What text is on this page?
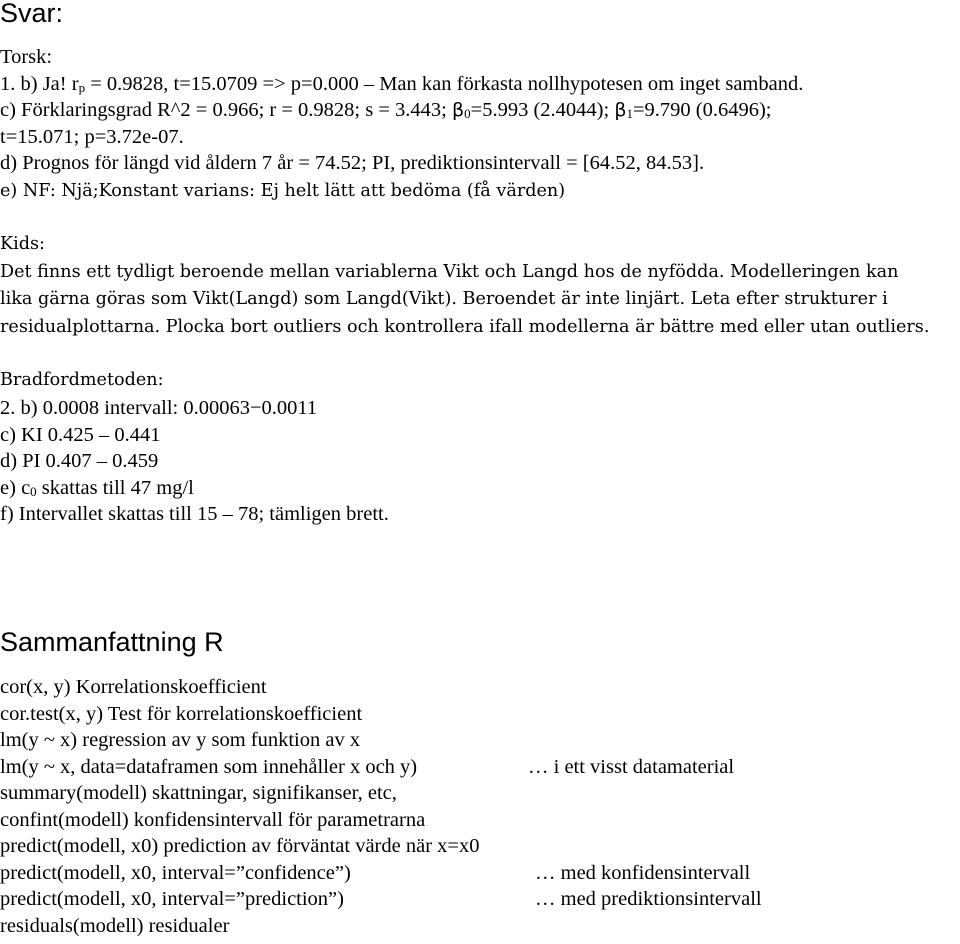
Svar:
Torsk:
1. b) Ja! rp = 0.9828, t=15.0709 => p=0.000 – Man kan förkasta nollhypotesen om inget samband.
c) Förklaringsgrad R^2 = 0.966; r = 0.9828; s = 3.443; β0=5.993 (2.4044); β1=9.790 (0.6496);
t=15.071; p=3.72e-07.
d) Prognos för längd vid åldern 7 år = 74.52; PI, prediktionsintervall = [64.52, 84.53].
e) NF: Njä;Konstant varians: Ej helt lätt att bedöma (få värden)
Kids:
Det finns ett tydligt beroende mellan variablerna Vikt och Langd hos de nyfödda. Modelleringen kan
lika gärna göras som Vikt(Langd) som Langd(Vikt). Beroendet är inte linjärt. Leta efter strukturer i
residualplottarna. Plocka bort outliers och kontrollera ifall modellerna är bättre med eller utan outliers.
Bradfordmetoden:
2. b) 0.0008 intervall: 0.00063−0.0011
c) KI 0.425 – 0.441
d) PI 0.407 – 0.459
e) c0 skattas till 47 mg/l
f) Intervallet skattas till 15 – 78; tämligen brett.
Sammanfattning R
cor(x, y) Korrelationskoefficient
cor.test(x, y) Test för korrelationskoefficient
lm(y ~ x) regression av y som funktion av x
lm(y ~ x, data=dataframen som innehåller x och y)	… i ett visst datamaterial
summary(modell) skattningar, signifikanser, etc,
confint(modell) konfidensintervall för parametrarna
predict(modell, x0) prediction av förväntat värde när x=x0
predict(modell, x0, interval=”confidence”)	… med konfidensintervall
predict(modell, x0, interval=”prediction”)	… med prediktionsintervall
residuals(modell) residualer
